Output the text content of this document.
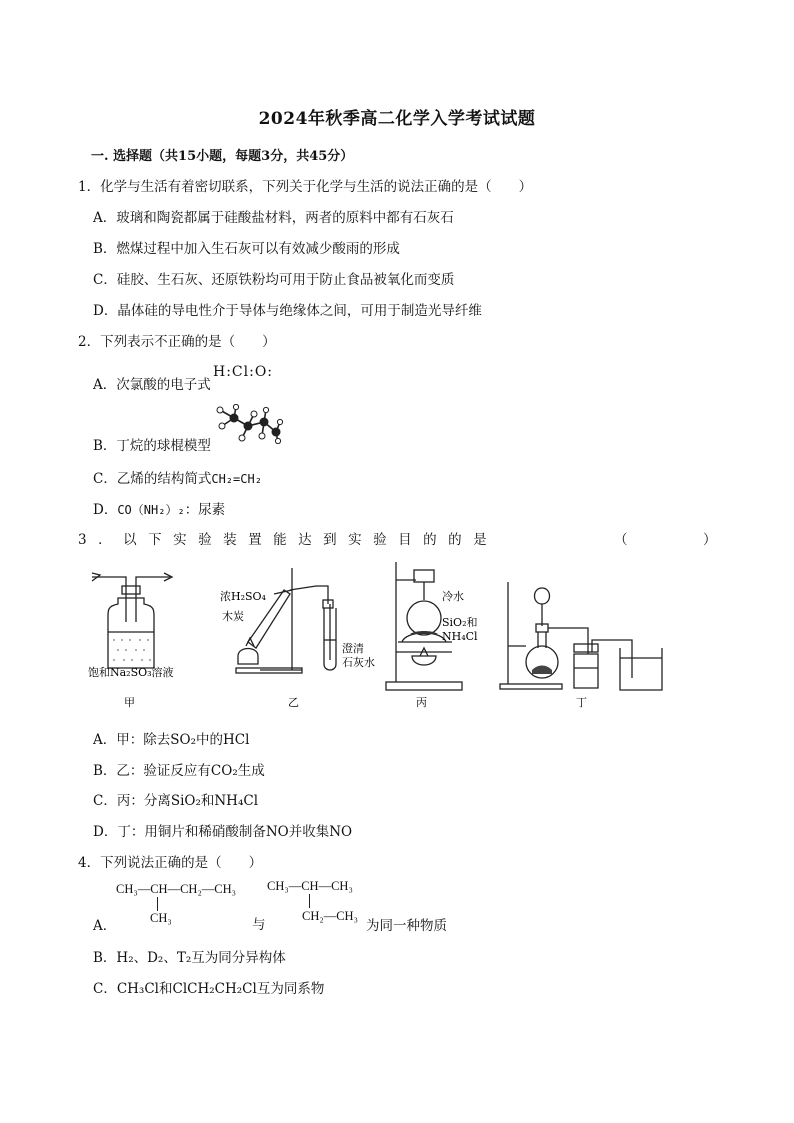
2024年秋季高二化学入学考试试题
一. 选择题（共15小题，每题3分，共45分）
1．化学与生活有着密切联系，下列关于化学与生活的说法正确的是（　　）
A．玻璃和陶瓷都属于硅酸盐材料，两者的原料中都有石灰石
B．燃煤过程中加入生石灰可以有效减少酸雨的形成
C．硅胶、生石灰、还原铁粉均可用于防止食品被氧化而变质
D．晶体硅的导电性介于导体与绝缘体之间，可用于制造光导纤维
2．下列表示不正确的是（　　）
A．次氯酸的电子式
H:Cl:O:
B．丁烷的球棍模型
C．乙烯的结构简式CH₂=CH₂
D．CO（NH₂）₂：尿素
3．以下实验装置能达到实验目的的是	（	）
饱和Na₂SO₃溶液
甲
浓H₂SO₄
木炭
澄清
石灰水
乙
冷水
SiO₂和
NH₄Cl
丙	丁
A．甲：除去SO₂中的HCl
B．乙：验证反应有CO₂生成
C．丙：分离SiO₂和NH₄Cl
D．丁：用铜片和稀硝酸制备NO并收集NO
4．下列说法正确的是（　　）
A．
CH₃—CH—CH₂—CH₃
CH₃	与
CH₃—CH—CH₃
CH₂—CH₃
为同一种物质
B．H₂、D₂、T₂互为同分异构体
C．CH₃Cl和ClCH₂CH₂Cl互为同系物
